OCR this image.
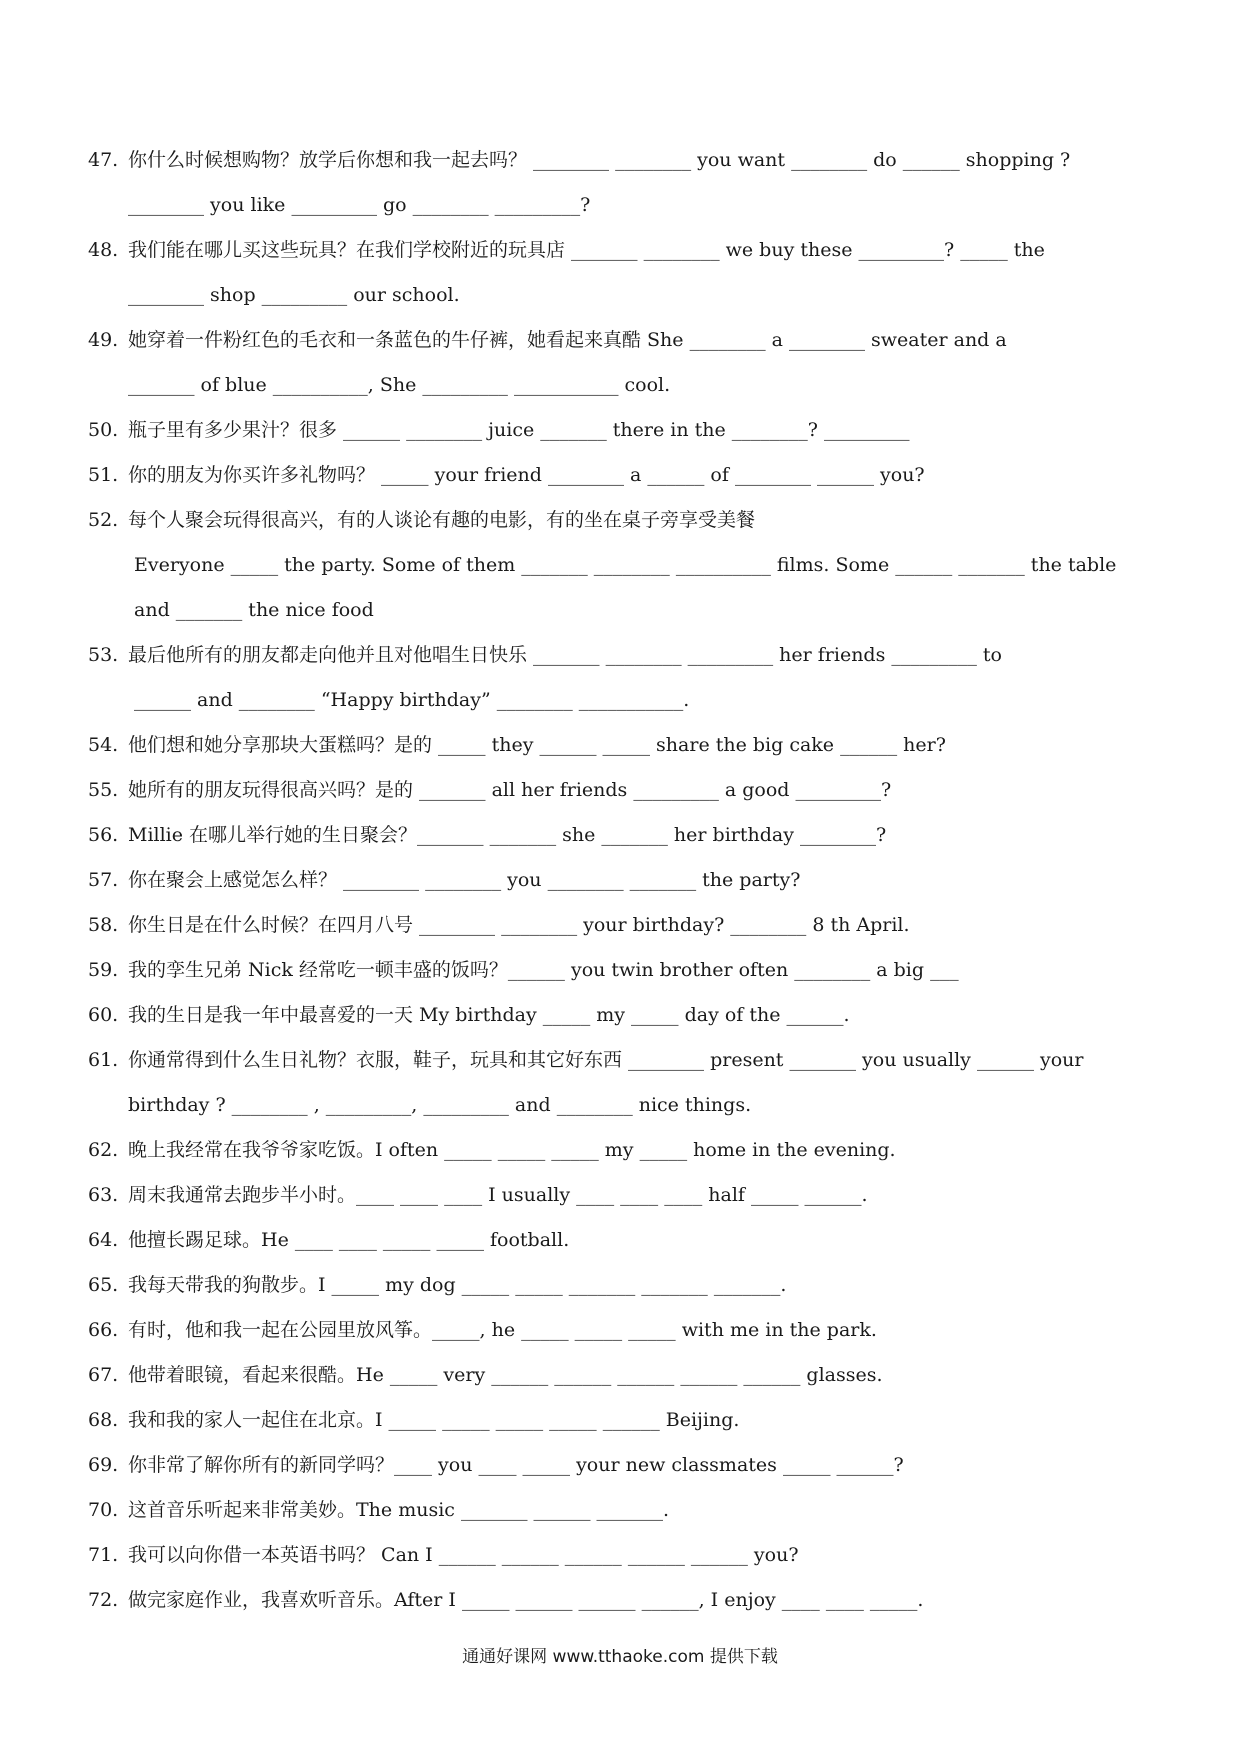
47. 你什么时候想购物？放学后你想和我一起去吗？ ________ ________ you want ________ do ______ shopping ?
________ you like _________ go ________ _________?
48. 我们能在哪儿买这些玩具？在我们学校附近的玩具店 _______ ________ we buy these _________? _____ the
________ shop _________ our school.
49. 她穿着一件粉红色的毛衣和一条蓝色的牛仔裤，她看起来真酷 She ________ a ________ sweater and a
_______ of blue __________, She _________ ___________ cool.
50. 瓶子里有多少果汁？很多 ______ ________ juice _______ there in the ________? _________
51. 你的朋友为你买许多礼物吗？ _____ your friend ________ a ______ of ________ ______ you?
52. 每个人聚会玩得很高兴，有的人谈论有趣的电影，有的坐在桌子旁享受美餐
Everyone _____ the party. Some of them _______ ________ __________ films. Some ______ _______ the table
and _______ the nice food
53. 最后他所有的朋友都走向他并且对他唱生日快乐 _______ ________ _________ her friends _________ to
______ and ________ “Happy birthday” ________ ___________.
54. 他们想和她分享那块大蛋糕吗？是的 _____ they ______ _____ share the big cake ______ her?
55. 她所有的朋友玩得很高兴吗？是的 _______ all her friends _________ a good _________?
56. Millie 在哪儿举行她的生日聚会？_______ _______ she _______ her birthday ________?
57. 你在聚会上感觉怎么样？ ________ ________ you ________ _______ the party?
58. 你生日是在什么时候？在四月八号 ________ ________ your birthday? ________ 8 th April.
59. 我的孪生兄弟 Nick 经常吃一顿丰盛的饭吗？______ you twin brother often ________ a big ___
60. 我的生日是我一年中最喜爱的一天 My birthday _____ my _____ day of the ______.
61. 你通常得到什么生日礼物？衣服，鞋子，玩具和其它好东西 ________ present _______ you usually ______ your
birthday ? ________ , _________, _________ and ________ nice things.
62. 晚上我经常在我爷爷家吃饭。I often _____ _____ _____ my _____ home in the evening.
63. 周末我通常去跑步半小时。____ ____ ____ I usually ____ ____ ____ half _____ ______.
64. 他擅长踢足球。He ____ ____ _____ _____ football.
65. 我每天带我的狗散步。I _____ my dog _____ _____ _______ _______ _______.
66. 有时，他和我一起在公园里放风筝。_____, he _____ _____ _____ with me in the park.
67. 他带着眼镜，看起来很酷。He _____ very ______ ______ ______ ______ ______ glasses.
68. 我和我的家人一起住在北京。I _____ _____ _____ _____ ______ Beijing.
69. 你非常了解你所有的新同学吗？____ you ____ _____ your new classmates _____ ______?
70. 这首音乐听起来非常美妙。The music _______ ______ _______.
71. 我可以向你借一本英语书吗？ Can I ______ ______ ______ ______ ______ you?
72. 做完家庭作业，我喜欢听音乐。After I _____ ______ ______ ______, I enjoy ____ ____ _____.
通通好课网 www.tthaoke.com 提供下载
